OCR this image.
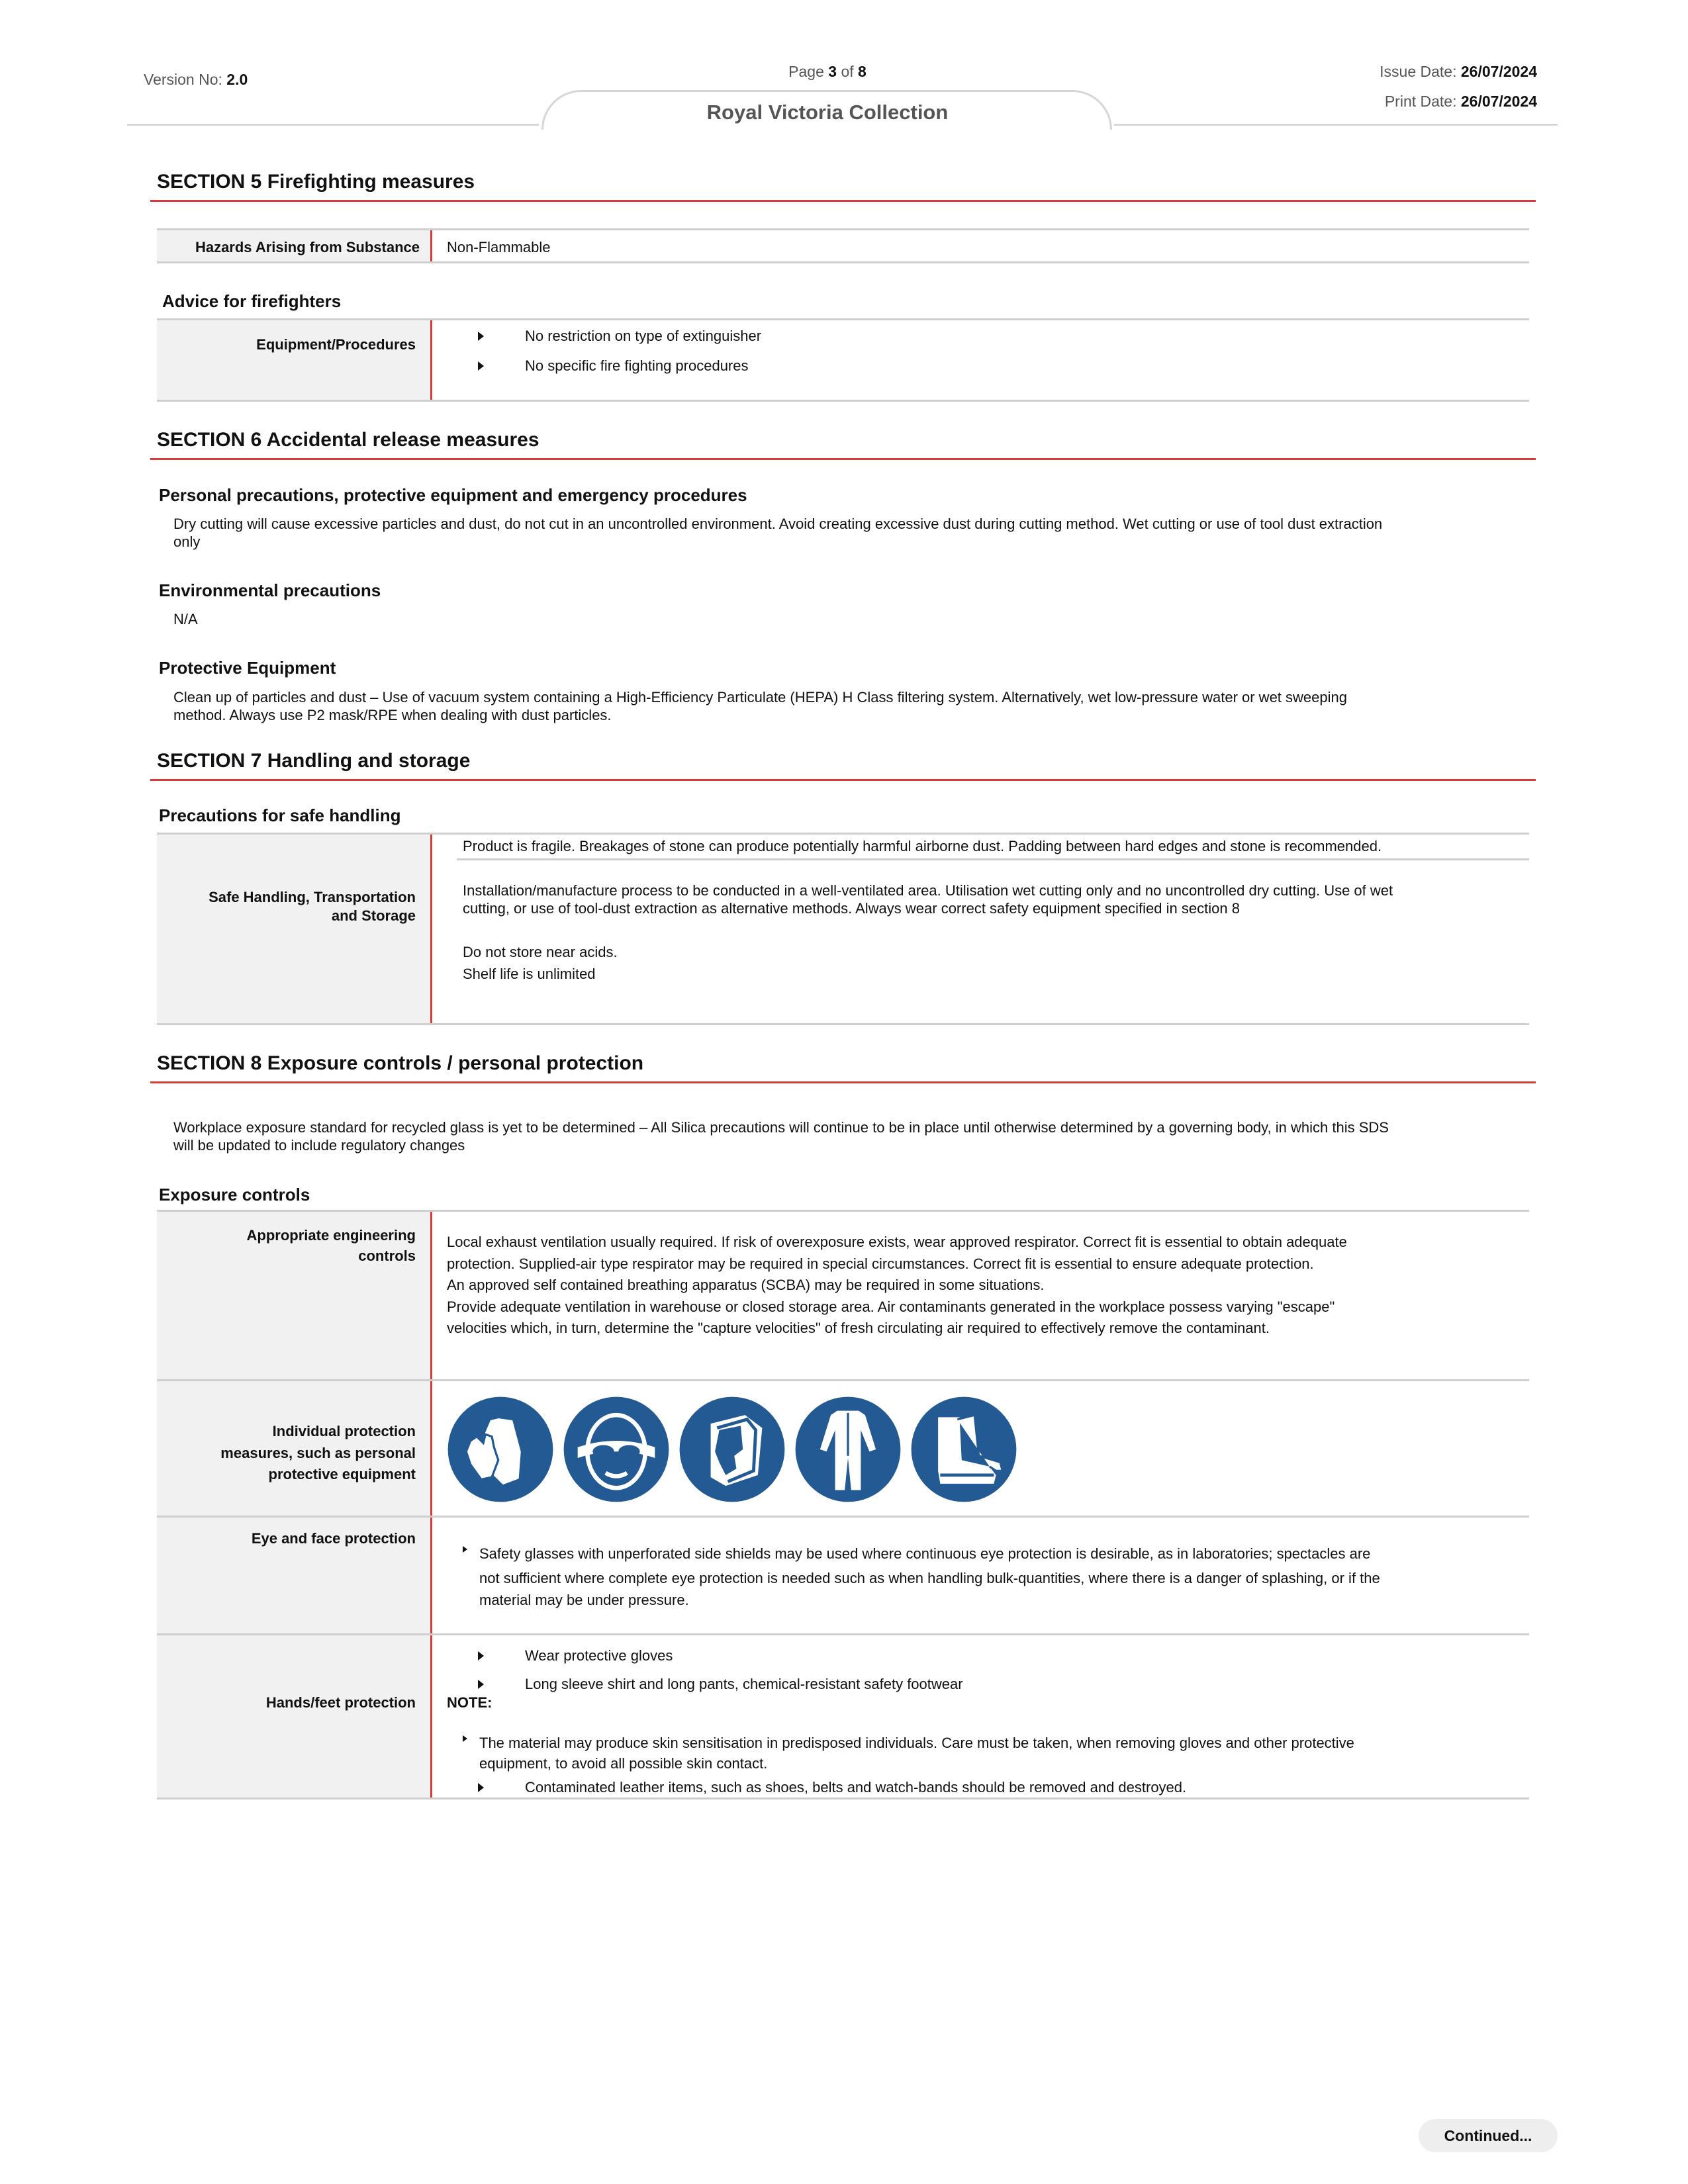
Version No: 2.0	Page 3 of 8
Royal Victoria Collection
Issue Date: 26/07/2024
Print Date: 26/07/2024
SECTION 5 Firefighting measures
Hazards Arising from Substance	Non-Flammable
Advice for firefighters
Equipment/Procedures
No restriction on type of extinguisher
No specific fire fighting procedures
SECTION 6 Accidental release measures
Personal precautions, protective equipment and emergency procedures
Dry cutting will cause excessive particles and dust, do not cut in an uncontrolled environment. Avoid creating excessive dust during cutting method. Wet cutting or use of tool dust extraction
only
Environmental precautions
N/A
Protective Equipment
Clean up of particles and dust – Use of vacuum system containing a High-Efficiency Particulate (HEPA) H Class filtering system. Alternatively, wet low-pressure water or wet sweeping
method. Always use P2 mask/RPE when dealing with dust particles.
SECTION 7 Handling and storage
Precautions for safe handling
Safe Handling, Transportation
and Storage
Product is fragile. Breakages of stone can produce potentially harmful airborne dust. Padding between hard edges and stone is recommended.
Installation/manufacture process to be conducted in a well-ventilated area. Utilisation wet cutting only and no uncontrolled dry cutting. Use of wet
cutting, or use of tool-dust extraction as alternative methods. Always wear correct safety equipment specified in section 8
Do not store near acids.
Shelf life is unlimited
SECTION 8 Exposure controls / personal protection
Workplace exposure standard for recycled glass is yet to be determined – All Silica precautions will continue to be in place until otherwise determined by a governing body, in which this SDS
will be updated to include regulatory changes
Exposure controls
Appropriate engineering
controls
Local exhaust ventilation usually required. If risk of overexposure exists, wear approved respirator. Correct fit is essential to obtain adequate
protection. Supplied-air type respirator may be required in special circumstances. Correct fit is essential to ensure adequate protection.
An approved self contained breathing apparatus (SCBA) may be required in some situations.
Provide adequate ventilation in warehouse or closed storage area. Air contaminants generated in the workplace possess varying "escape"
velocities which, in turn, determine the "capture velocities" of fresh circulating air required to effectively remove the contaminant.
Individual protection
measures, such as personal
protective equipment
Eye and face protection
Safety glasses with unperforated side shields may be used where continuous eye protection is desirable, as in laboratories; spectacles are
not sufficient where complete eye protection is needed such as when handling bulk-quantities, where there is a danger of splashing, or if the
material may be under pressure.
Hands/feet protection
Wear protective gloves
Long sleeve shirt and long pants, chemical-resistant safety footwear
NOTE:
The material may produce skin sensitisation in predisposed individuals. Care must be taken, when removing gloves and other protective
equipment, to avoid all possible skin contact.
Contaminated leather items, such as shoes, belts and watch-bands should be removed and destroyed.
Continued...
